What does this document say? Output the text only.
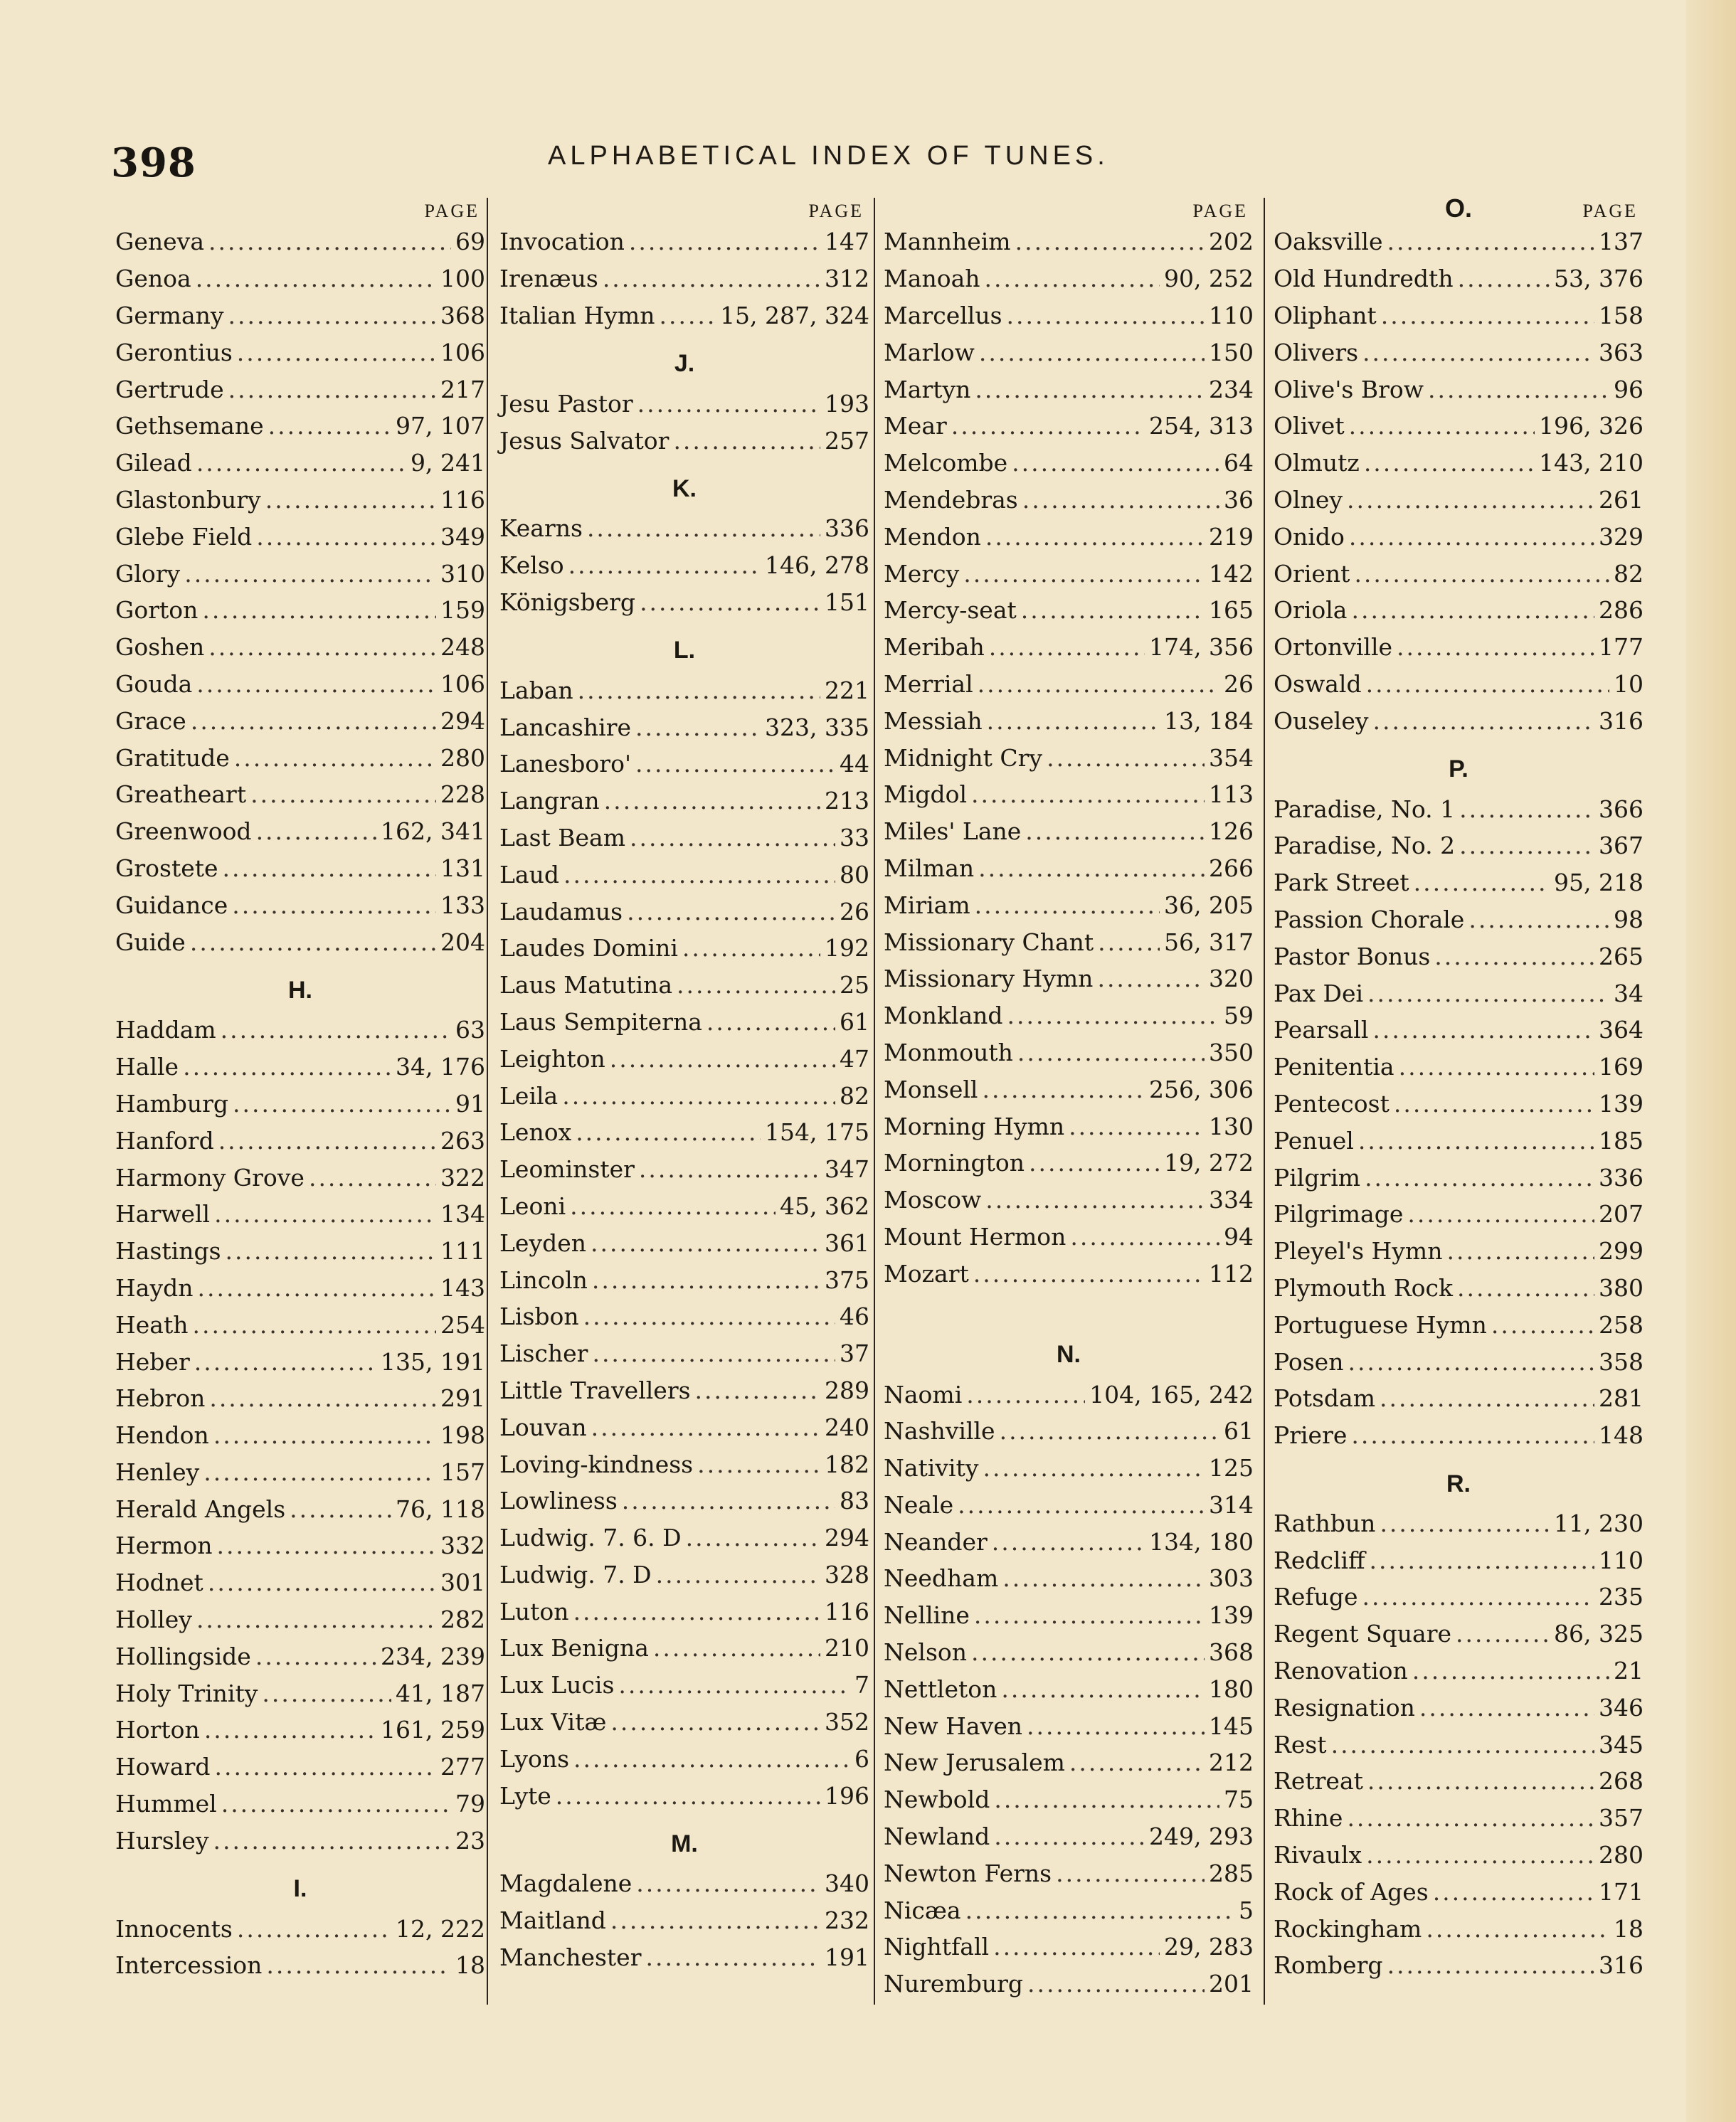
398	ALPHABETICAL INDEX OF TUNES.
PAGE
Geneva .....	69
Genoa .....	100
Germany .....	368
Gerontius .....	106
Gertrude .....	217
Gethsemane .....	97, 107
Gilead .....	9, 241
Glastonbury .....	116
Glebe Field .....	349
Glory .....	310
Gorton .....	159
Goshen .....	248
Gouda .....	106
Grace .....	294
Gratitude .....	280
Greatheart .....	228
Greenwood .....	162, 341
Grostete .....	131
Guidance .....	133
Guide .....	204
H.
Haddam .....	63
Halle .....	34, 176
Hamburg .....	91
Hanford .....	263
Harmony Grove .....	322
Harwell .....	134
Hastings .....	111
Haydn .....	143
Heath .....	254
Heber .....	135, 191
Hebron .....	291
Hendon .....	198
Henley .....	157
Herald Angels .....	76, 118
Hermon .....	332
Hodnet .....	301
Holley .....	282
Hollingside .....	234, 239
Holy Trinity .....	41, 187
Horton .....	161, 259
Howard .....	277
Hummel .....	79
Hursley .....	23
I.
Innocents .....	12, 222
Intercession .....	18
PAGE
Invocation .....	147
Irenæus .....	312
Italian Hymn .....	15, 287, 324
J.
Jesu Pastor .....	193
Jesus Salvator .....	257
K.
Kearns .....	336
Kelso .....	146, 278
Königsberg .....	151
L.
Laban .....	221
Lancashire .....	323, 335
Lanesboro' .....	44
Langran .....	213
Last Beam .....	33
Laud .....	80
Laudamus .....	26
Laudes Domini .....	192
Laus Matutina .....	25
Laus Sempiterna .....	61
Leighton .....	47
Leila .....	82
Lenox .....	154, 175
Leominster .....	347
Leoni .....	45, 362
Leyden .....	361
Lincoln .....	375
Lisbon .....	46
Lischer .....	37
Little Travellers .....	289
Louvan .....	240
Loving-kindness .....	182
Lowliness .....	83
Ludwig. 7. 6. D .....	294
Ludwig. 7. D .....	328
Luton .....	116
Lux Benigna .....	210
Lux Lucis .....	7
Lux Vitæ .....	352
Lyons .....	6
Lyte .....	196
M.
Magdalene .....	340
Maitland .....	232
Manchester .....	191
PAGE
Mannheim .....	202
Manoah .....	90, 252
Marcellus .....	110
Marlow .....	150
Martyn .....	234
Mear .....	254, 313
Melcombe .....	64
Mendebras .....	36
Mendon .....	219
Mercy .....	142
Mercy-seat .....	165
Meribah .....	174, 356
Merrial .....	26
Messiah .....	13, 184
Midnight Cry .....	354
Migdol .....	113
Miles' Lane .....	126
Milman .....	266
Miriam .....	36, 205
Missionary Chant .....	56, 317
Missionary Hymn .....	320
Monkland .....	59
Monmouth .....	350
Monsell .....	256, 306
Morning Hymn .....	130
Mornington .....	19, 272
Moscow .....	334
Mount Hermon .....	94
Mozart .....	112
N.
Naomi .....	104, 165, 242
Nashville .....	61
Nativity .....	125
Neale .....	314
Neander .....	134, 180
Needham .....	303
Nelline .....	139
Nelson .....	368
Nettleton .....	180
New Haven .....	145
New Jerusalem .....	212
Newbold .....	75
Newland .....	249, 293
Newton Ferns .....	285
Nicæa .....	5
Nightfall .....	29, 283
Nuremburg .....	201
O.	PAGE
Oaksville .....	137
Old Hundredth .....	53, 376
Oliphant .....	158
Olivers .....	363
Olive's Brow .....	96
Olivet .....	196, 326
Olmutz .....	143, 210
Olney .....	261
Onido .....	329
Orient .....	82
Oriola .....	286
Ortonville .....	177
Oswald .....	10
Ouseley .....	316
P.
Paradise, No. 1 .....	366
Paradise, No. 2 .....	367
Park Street .....	95, 218
Passion Chorale .....	98
Pastor Bonus .....	265
Pax Dei .....	34
Pearsall .....	364
Penitentia .....	169
Pentecost .....	139
Penuel .....	185
Pilgrim .....	336
Pilgrimage .....	207
Pleyel's Hymn .....	299
Plymouth Rock .....	380
Portuguese Hymn .....	258
Posen .....	358
Potsdam .....	281
Priere .....	148
R.
Rathbun .....	11, 230
Redcliff .....	110
Refuge .....	235
Regent Square .....	86, 325
Renovation .....	21
Resignation .....	346
Rest .....	345
Retreat .....	268
Rhine .....	357
Rivaulx .....	280
Rock of Ages .....	171
Rockingham .....	18
Romberg .....	316
